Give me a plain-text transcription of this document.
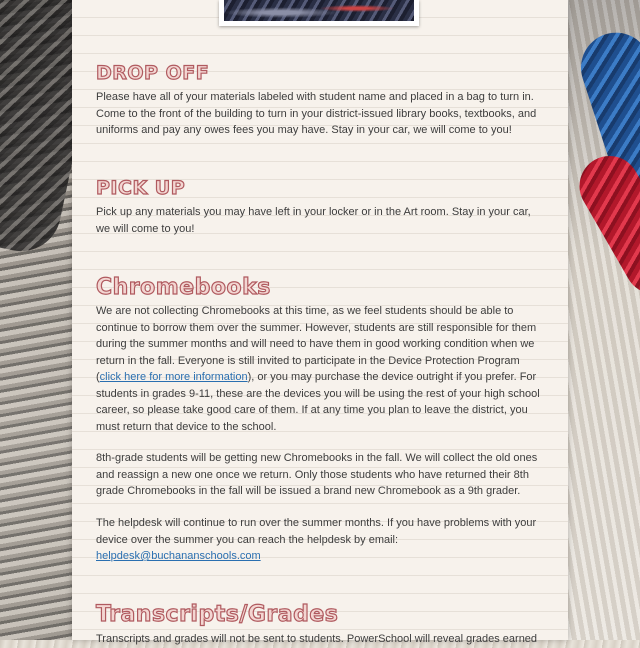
DROP OFF

Please have all of your materials labeled with student name and placed in a bag to turn in. Come to the front of the building to turn in your district-issued library books, textbooks, and uniforms and pay any owes fees you may have. Stay in your car, we will come to you!

PICK UP

Pick up any materials you may have left in your locker or in the Art room. Stay in your car, we will come to you!

Chromebooks

We are not collecting Chromebooks at this time, as we feel students should be able to continue to borrow them over the summer. However, students are still responsible for them during the summer months and will need to have them in good working condition when we return in the fall. Everyone is still invited to participate in the Device Protection Program (click here for more information), or you may purchase the device outright if you prefer. For students in grades 9-11, these are the devices you will be using the rest of your high school career, so please take good care of them. If at any time you plan to leave the district, you must return that device to the school.

8th-grade students will be getting new Chromebooks in the fall. We will collect the old ones and reassign a new one once we return. Only those students who have returned their 8th grade Chromebooks in the fall will be issued a brand new Chromebook as a 9th grader.

The helpdesk will continue to run over the summer months. If you have problems with your device over the summer you can reach the helpdesk by email:
helpdesk@buchananschools.com

Transcripts/Grades

Transcripts and grades will not be sent to students. PowerSchool will reveal grades earned
